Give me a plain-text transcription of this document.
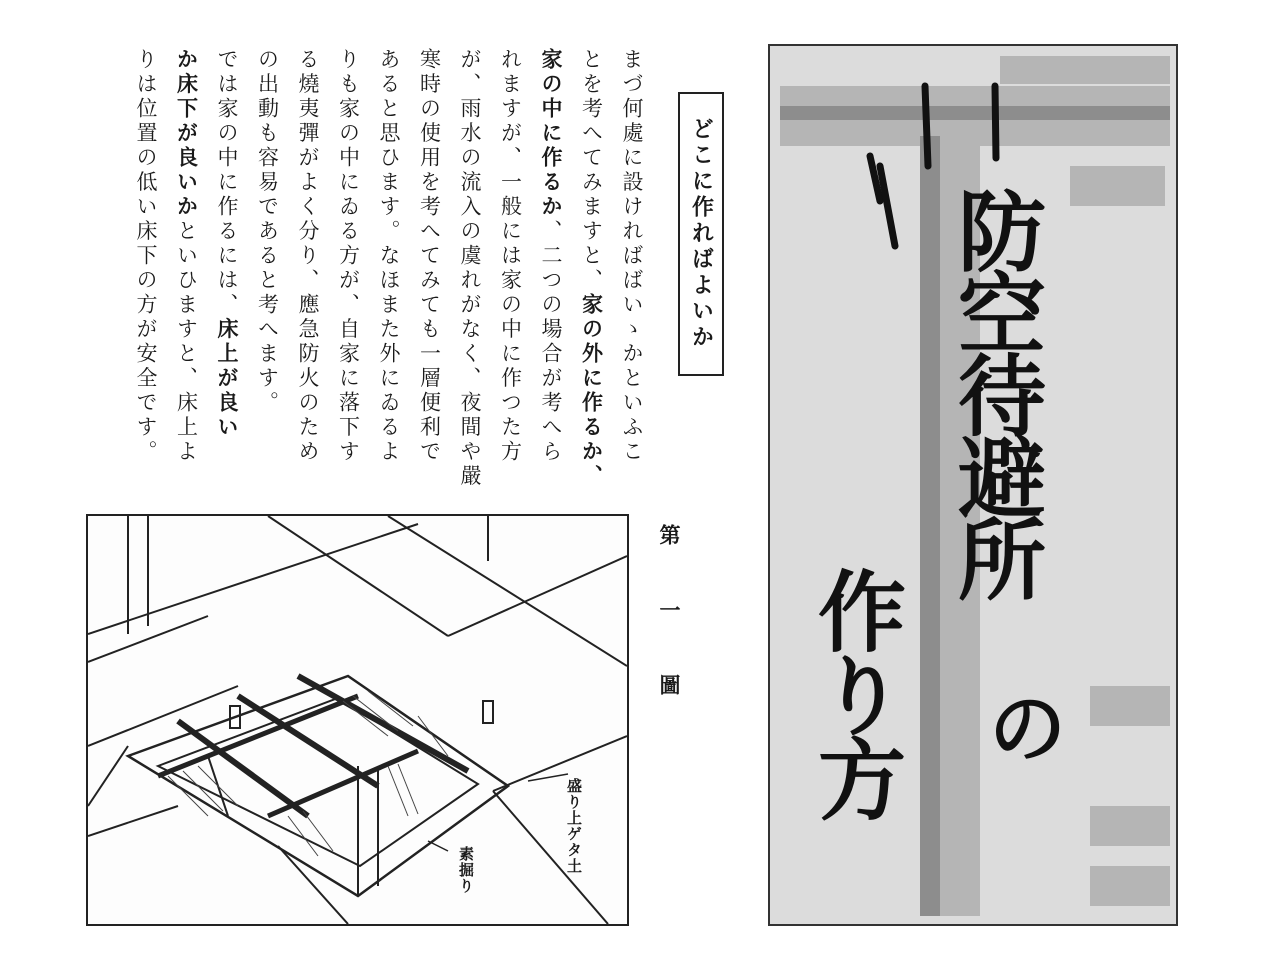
まづ何處に設ければばいゝかといふこ
とを考へてみますと、家の外に作るか、
家の中に作るか、二つの場合が考へら
れますが、一般には家の中に作つた方
が、雨水の流入の虞れがなく、夜間や嚴
寒時の使用を考へてみても一層便利で
あると思ひます。なほまた外にゐるよ
りも家の中にゐる方が、自家に落下す
る燒夷彈がよく分り、應急防火のため
の出動も容易であると考へます。
では家の中に作るには、床上が良い
か床下が良いかといひますと、床上よ
りは位置の低い床下の方が安全です。	どこに作ればよいか
第一圖
盛り上ゲタ土
素掘り
防空待避所
の
作り方
